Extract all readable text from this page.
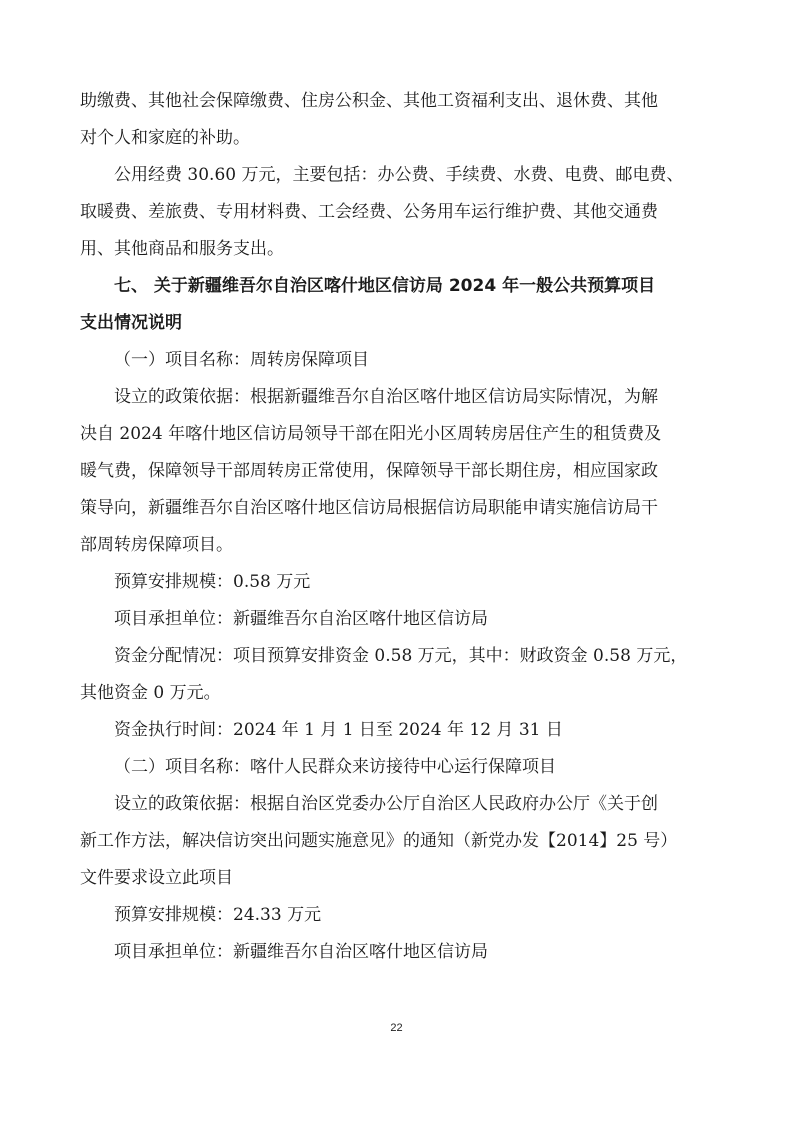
助缴费、其他社会保障缴费、住房公积金、其他工资福利支出、退休费、其他
对个人和家庭的补助。
公用经费 30.60 万元，主要包括：办公费、手续费、水费、电费、邮电费、
取暖费、差旅费、专用材料费、工会经费、公务用车运行维护费、其他交通费
用、其他商品和服务支出。
七、 关于新疆维吾尔自治区喀什地区信访局 2024 年一般公共预算项目
支出情况说明
（一）项目名称：周转房保障项目
设立的政策依据：根据新疆维吾尔自治区喀什地区信访局实际情况，为解
决自 2024 年喀什地区信访局领导干部在阳光小区周转房居住产生的租赁费及
暖气费，保障领导干部周转房正常使用，保障领导干部长期住房，相应国家政
策导向，新疆维吾尔自治区喀什地区信访局根据信访局职能申请实施信访局干
部周转房保障项目。
预算安排规模：0.58 万元
项目承担单位：新疆维吾尔自治区喀什地区信访局
资金分配情况：项目预算安排资金 0.58 万元，其中：财政资金 0.58 万元，
其他资金 0 万元。
资金执行时间：2024 年 1 月 1 日至 2024 年 12 月 31 日
（二）项目名称：喀什人民群众来访接待中心运行保障项目
设立的政策依据：根据自治区党委办公厅自治区人民政府办公厅《关于创
新工作方法，解决信访突出问题实施意见》的通知（新党办发【2014】25 号）
文件要求设立此项目
预算安排规模：24.33 万元
项目承担单位：新疆维吾尔自治区喀什地区信访局
22
